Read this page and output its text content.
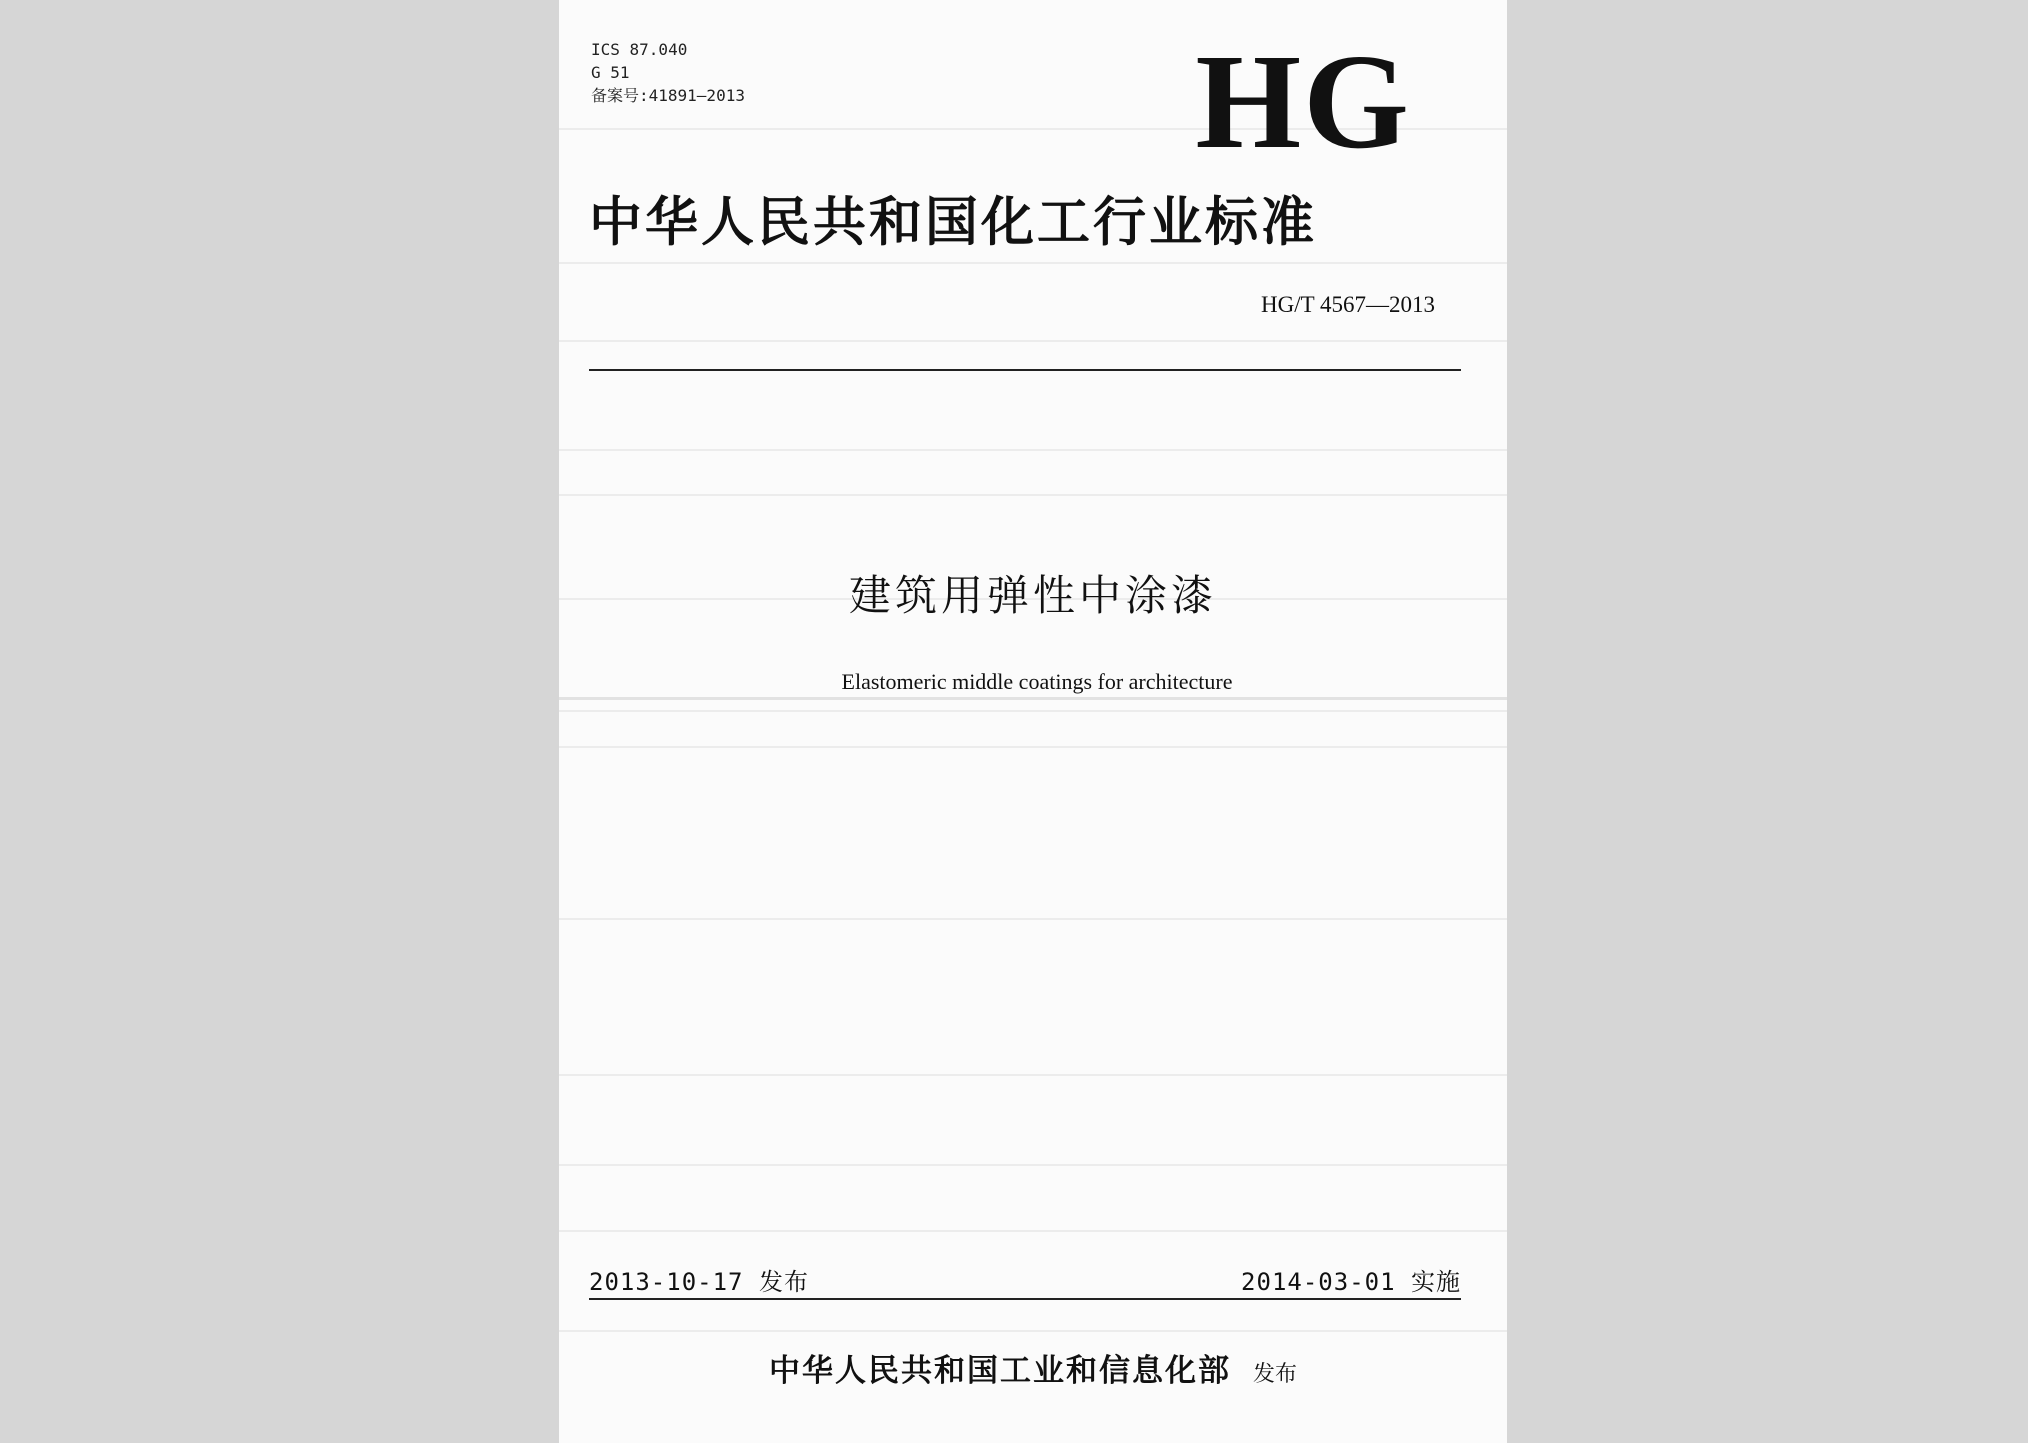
ICS 87.040
G 51
备案号:41891—2013	HG
中华人民共和国化工行业标准
HG/T 4567—2013
建筑用弹性中涂漆
Elastomeric middle coatings for architecture
2013-10-17 发布	2014-03-01 实施
中华人民共和国工业和信息化部 发布
